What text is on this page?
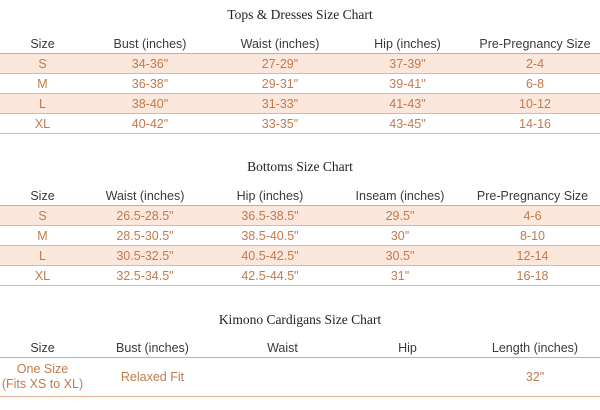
Tops & Dresses Size Chart
Size	Bust (inches)	Waist (inches)	Hip (inches)	Pre-Pregnancy Size
S	34-36"	27-29"	37-39"	2-4
M	36-38"	29-31"	39-41"	6-8
L	38-40"	31-33"	41-43"	10-12
XL	40-42"	33-35"	43-45"	14-16
Bottoms Size Chart
Size	Waist (inches)	Hip (inches)	Inseam (inches)	Pre-Pregnancy Size
S	26.5-28.5"	36.5-38.5"	29.5"	4-6
M	28.5-30.5"	38.5-40.5"	30"	8-10
L	30.5-32.5"	40.5-42.5"	30.5"	12-14
XL	32.5-34.5"	42.5-44.5"	31"	16-18
Kimono Cardigans Size Chart
Size	Bust (inches)	Waist	Hip	Length (inches)

One Size
(Fits XS to XL)	Relaxed Fit			32"
